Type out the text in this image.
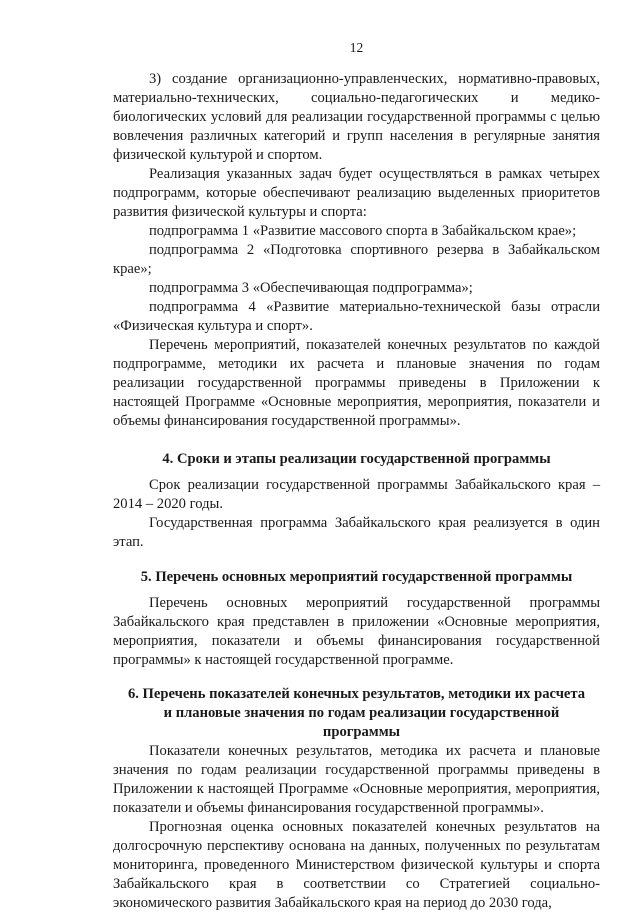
12

3) создание организационно-управленческих, нормативно-правовых, материально-технических, социально-педагогических и медико-биологических условий для реализации государственной программы с целью вовлечения различных категорий и групп населения в регулярные занятия физической культурой и спортом.

Реализация указанных задач будет осуществляться в рамках четырех подпрограмм, которые обеспечивают реализацию выделенных приоритетов развития физической культуры и спорта:

подпрограмма 1 «Развитие массового спорта в Забайкальском крае»;

подпрограмма 2 «Подготовка спортивного резерва в Забайкальском крае»;

подпрограмма 3 «Обеспечивающая подпрограмма»;

подпрограмма 4 «Развитие материально-технической базы отрасли «Физическая культура и спорт».

Перечень мероприятий, показателей конечных результатов по каждой подпрограмме, методики их расчета и плановые значения по годам реализации государственной программы приведены в Приложении к настоящей Программе «Основные мероприятия, мероприятия, показатели и объемы финансирования государственной программы».

4. Сроки и этапы реализации государственной программы

Срок реализации государственной программы Забайкальского края – 2014 – 2020 годы.

Государственная программа Забайкальского края реализуется в один этап.

5. Перечень основных мероприятий государственной программы

Перечень основных мероприятий государственной программы Забайкальского края представлен в приложении «Основные мероприятия, мероприятия, показатели и объемы финансирования государственной программы» к настоящей государственной программе.

6. Перечень показателей конечных результатов, методики их расчета
и плановые значения по годам реализации государственной
программы

Показатели конечных результатов, методика их расчета и плановые значения по годам реализации государственной программы приведены в Приложении к настоящей Программе «Основные мероприятия, мероприятия, показатели и объемы финансирования государственной программы».

Прогнозная оценка основных показателей конечных результатов на долгосрочную перспективу основана на данных, полученных по результатам мониторинга, проведенного Министерством физической культуры и спорта Забайкальского края в соответствии со Стратегией социально-экономического развития Забайкальского края на период до 2030 года,
